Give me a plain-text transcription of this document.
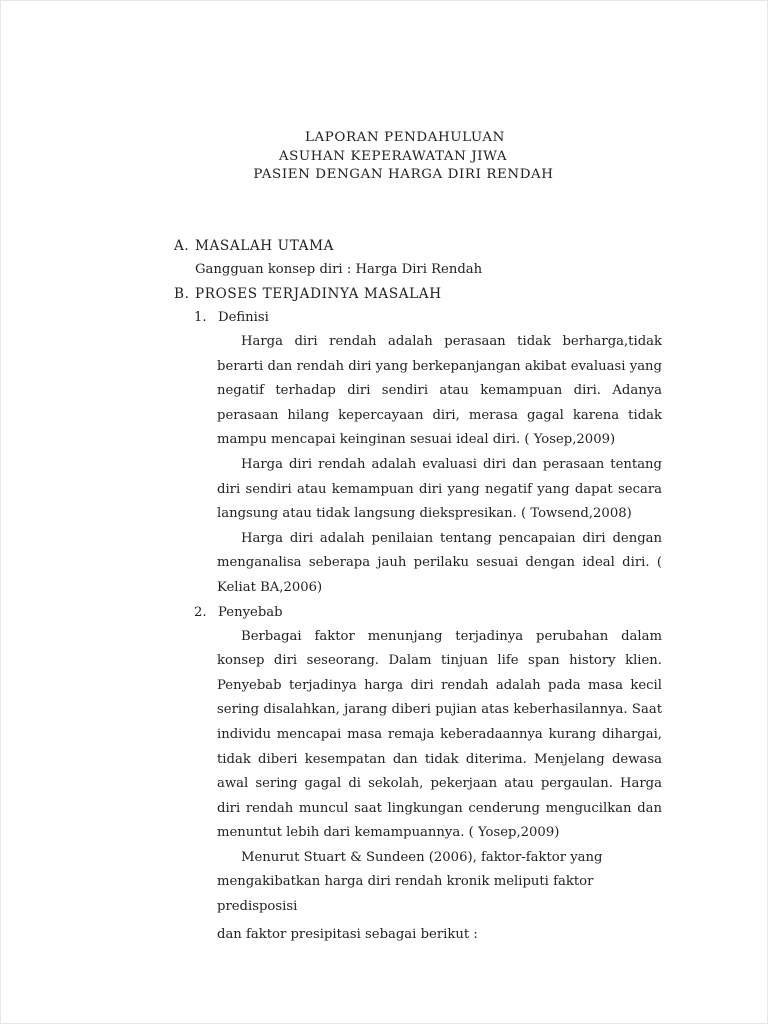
LAPORAN PENDAHULUAN
ASUHAN KEPERAWATAN JIWA
PASIEN DENGAN HARGA DIRI RENDAH
A. MASALAH UTAMA
Gangguan konsep diri : Harga Diri Rendah
B. PROSES TERJADINYA MASALAH
1. Definisi

Harga diri rendah adalah perasaan tidak berharga,tidak berarti dan rendah diri yang berkepanjangan akibat evaluasi yang negatif terhadap diri sendiri atau kemampuan diri. Adanya perasaan hilang kepercayaan diri, merasa gagal karena tidak mampu mencapai keinginan sesuai ideal diri. ( Yosep,2009)

Harga diri rendah adalah evaluasi diri dan perasaan tentang diri sendiri atau kemampuan diri yang negatif yang dapat secara langsung atau tidak langsung diekspresikan. ( Towsend,2008)

Harga diri adalah penilaian tentang pencapaian diri dengan menganalisa seberapa jauh perilaku sesuai dengan ideal diri. ( Keliat BA,2006)

2. Penyebab

Berbagai faktor menunjang terjadinya perubahan dalam konsep diri seseorang. Dalam tinjuan life span history klien. Penyebab terjadinya harga diri rendah adalah pada masa kecil sering disalahkan, jarang diberi pujian atas keberhasilannya. Saat individu mencapai masa remaja keberadaannya kurang dihargai, tidak diberi kesempatan dan tidak diterima. Menjelang dewasa awal sering gagal di sekolah, pekerjaan atau pergaulan. Harga diri rendah muncul saat lingkungan cenderung mengucilkan dan menuntut lebih dari kemampuannya. ( Yosep,2009)

Menurut Stuart & Sundeen (2006), faktor-faktor yang mengakibatkan harga diri rendah kronik meliputi faktor predisposisi
dan faktor presipitasi sebagai berikut :
